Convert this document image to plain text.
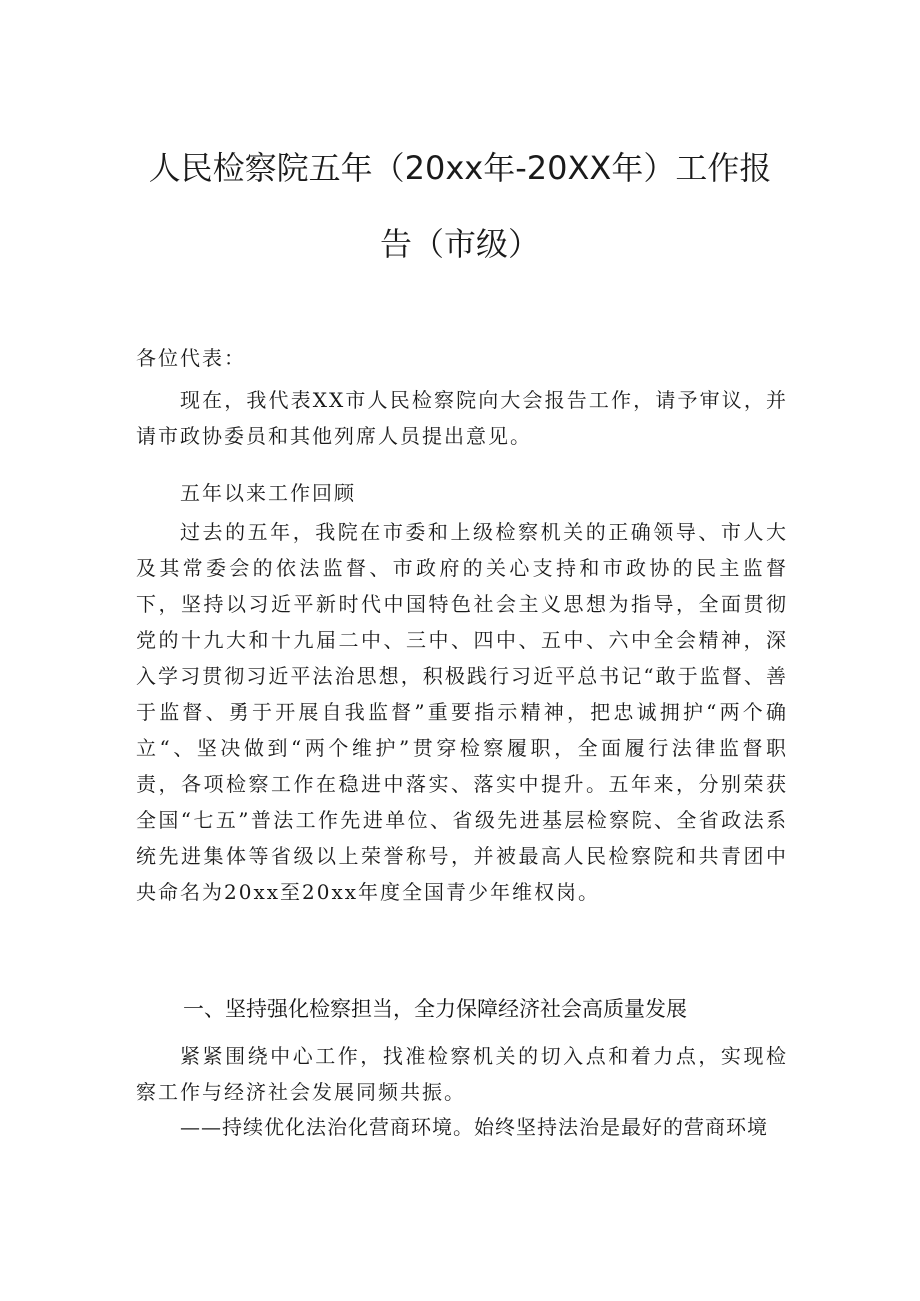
人民检察院五年（20xx年-20XX年）工作报
告（市级）
各位代表：
现在，我代表XX市人民检察院向大会报告工作，请予审议，并请市政协委员和其他列席人员提出意见。
五年以来工作回顾
过去的五年，我院在市委和上级检察机关的正确领导、市人大及其常委会的依法监督、市政府的关心支持和市政协的民主监督下，坚持以习近平新时代中国特色社会主义思想为指导，全面贯彻党的十九大和十九届二中、三中、四中、五中、六中全会精神，深入学习贯彻习近平法治思想，积极践行习近平总书记“敢于监督、善于监督、勇于开展自我监督”重要指示精神，把忠诚拥护“两个确立“、坚决做到“两个维护”贯穿检察履职，全面履行法律监督职责，各项检察工作在稳进中落实、落实中提升。五年来，分别荣获全国“七五”普法工作先进单位、省级先进基层检察院、全省政法系统先进集体等省级以上荣誉称号，并被最高人民检察院和共青团中央命名为20xx至20xx年度全国青少年维权岗。
一、坚持强化检察担当，全力保障经济社会高质量发展
紧紧围绕中心工作，找准检察机关的切入点和着力点，实现检察工作与经济社会发展同频共振。
——持续优化法治化营商环境。始终坚持法治是最好的营商环境
